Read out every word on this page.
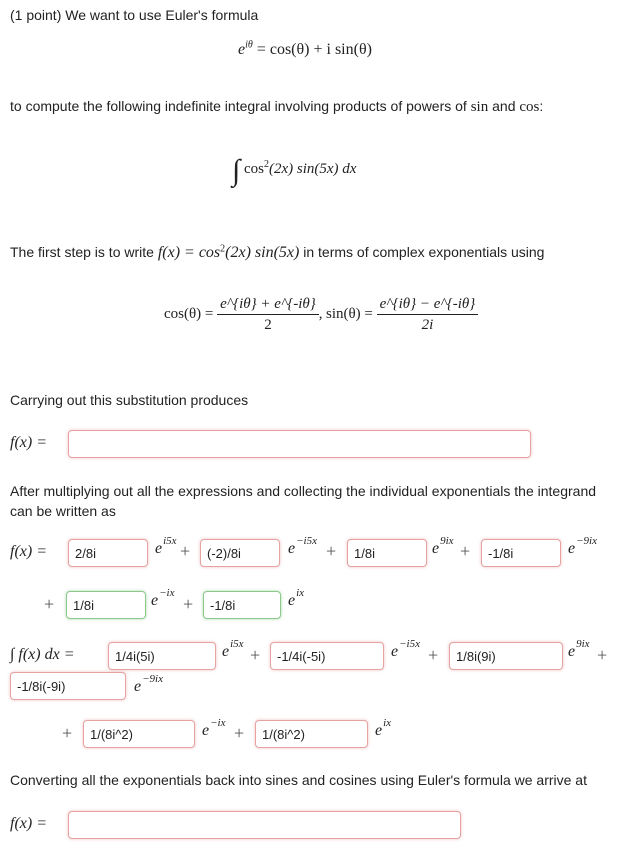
(1 point) We want to use Euler's formula
$e^{i\theta} = \cos(\theta) + i$ sin(θ)
to compute the following indefinite integral involving products of powers of sin and cos:
∫ $\cos^2(2x)$ sin(5x) dx
The first step is to write $f(x) = \cos^2(2x)$ sin(5x) in terms of complex exponentials using
$\cos(\theta) = \frac{e\^{}\{i\theta\} + e\^{}\{-i\theta\}}{2}$ , $\sin(\theta) = \frac{e\^{}\{i\theta\} - e\^{}\{-i\theta\}}{2i}$
Carrying out this substitution produces
f(x) =
After multiplying out all the expressions and collecting the individual exponentials the integrand can be written as
f(x) =
2/8i	$e^{i5x}$ +
(-2)/8i	$e^{-i5x}$ +
1/8i	$e^{9ix}$ +
-1/8i	$e^{-9ix}$
+
1/8i	$e^{-ix}$
+
-1/8i	$e^{ix}$
∫ f(x) dx =
1/4i(5i)	$e^{i5x}$
+
-1/4i(-5i)	$e^{-i5x}$
+
1/8i(9i)	$e^{9ix}$
+
-1/8i(-9i)
$e^{-9ix}$
+
1/(8i^2)	$e^{-ix}$ +
1/(8i^2)	$e^{ix}$
Converting all the exponentials back into sines and cosines using Euler's formula we arrive at
f(x) =
